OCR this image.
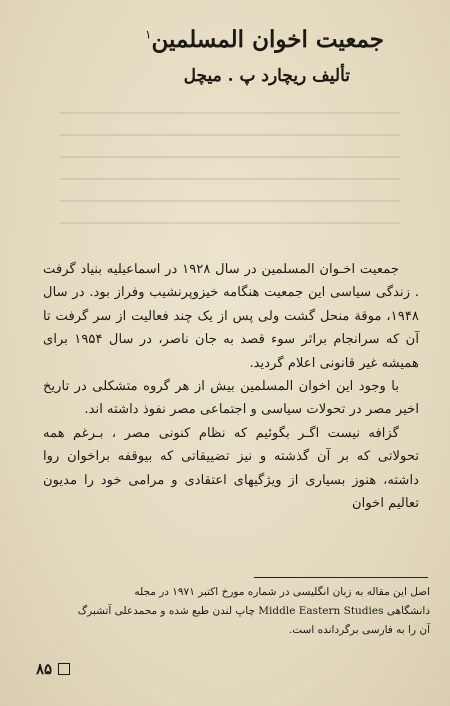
جمعیت اخوان المسلمین$^۱$
تألیف ریچارد پ . میچل

جمعیت اخـوان المسلمین در سال ۱۹۲۸ در اسماعیلیه بنیاد گرفت . زندگی سیاسی این جمعیت هنگامه خیزوپرنشیب وفراز بود. در سال ۱۹۴۸، موقة منحل گشت ولی پس از یک چند فعالیت از سر گرفت تا آن که سرانجام براثر سوء قصد به جان ناصر، در سال ۱۹۵۴ برای همیشه غیر قانونی اعلام گردید.

با وجود این اخوان المسلمین بیش از هر گروه متشکلی در تاریخ اخیر مصر در تحولات سیاسی و اجتماعی مصر نفوذ داشته اند.

گزافه نیست اگـر بگوئیم که نظام کنونی مصر ، بـرغم همه تحولاتی که بر آن گذشته و نیز تضییقاتی که بیوقفه براخوان روا داشته، هنوز بسیاری از ویژگیهای اعتقادی و مرامی خود را مدیون تعالیم اخوان

اصل این مقاله به زبان انگلیسی در شماره مورخ اکتبر ۱۹۷۱ در مجله

دانشگاهی Middle Eastern Studies چاپ لندن طبع شده و محمدعلی آتشبرگ

آن را به فارسی برگردانده است.

۸۵
